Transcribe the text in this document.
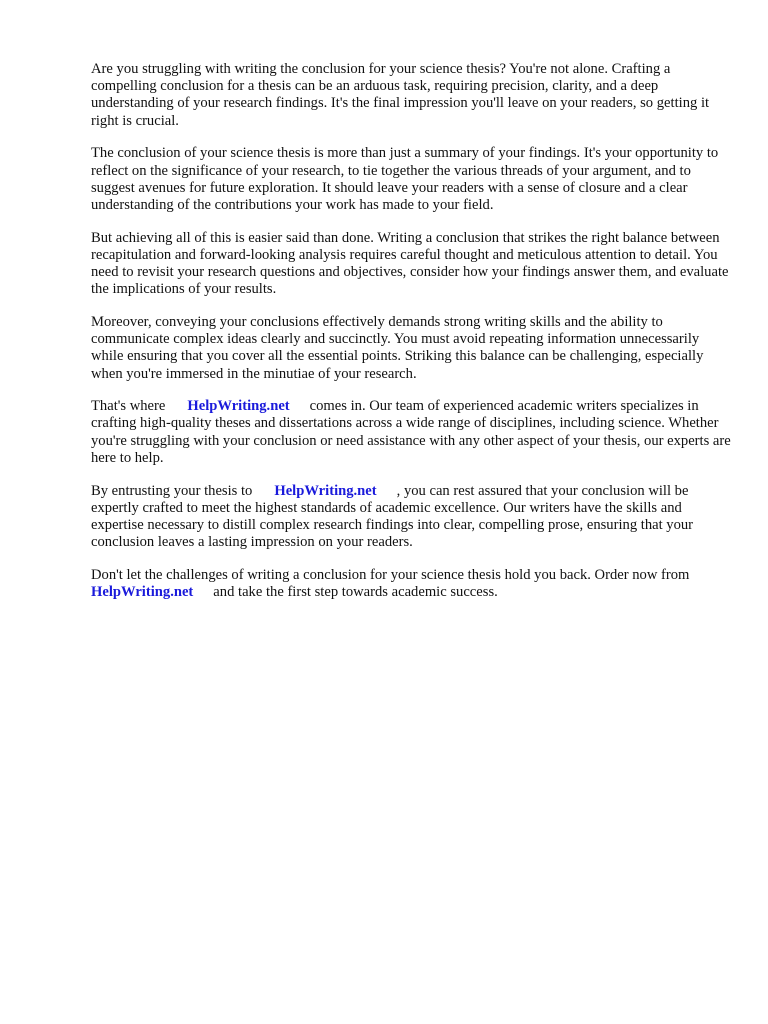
Are you struggling with writing the conclusion for your science thesis? You're not alone. Crafting a compelling conclusion for a thesis can be an arduous task, requiring precision, clarity, and a deep understanding of your research findings. It's the final impression you'll leave on your readers, so getting it right is crucial.

The conclusion of your science thesis is more than just a summary of your findings. It's your opportunity to reflect on the significance of your research, to tie together the various threads of your argument, and to suggest avenues for future exploration. It should leave your readers with a sense of closure and a clear understanding of the contributions your work has made to your field.

But achieving all of this is easier said than done. Writing a conclusion that strikes the right balance between recapitulation and forward-looking analysis requires careful thought and meticulous attention to detail. You need to revisit your research questions and objectives, consider how your findings answer them, and evaluate the implications of your results.

Moreover, conveying your conclusions effectively demands strong writing skills and the ability to communicate complex ideas clearly and succinctly. You must avoid repeating information unnecessarily while ensuring that you cover all the essential points. Striking this balance can be challenging, especially when you're immersed in the minutiae of your research.

That's where HelpWriting.net comes in. Our team of experienced academic writers specializes in crafting high-quality theses and dissertations across a wide range of disciplines, including science. Whether you're struggling with your conclusion or need assistance with any other aspect of your thesis, our experts are here to help.

By entrusting your thesis to HelpWriting.net , you can rest assured that your conclusion will be expertly crafted to meet the highest standards of academic excellence. Our writers have the skills and expertise necessary to distill complex research findings into clear, compelling prose, ensuring that your conclusion leaves a lasting impression on your readers.

Don't let the challenges of writing a conclusion for your science thesis hold you back. Order now fromHelpWriting.net and take the first step towards academic success.
